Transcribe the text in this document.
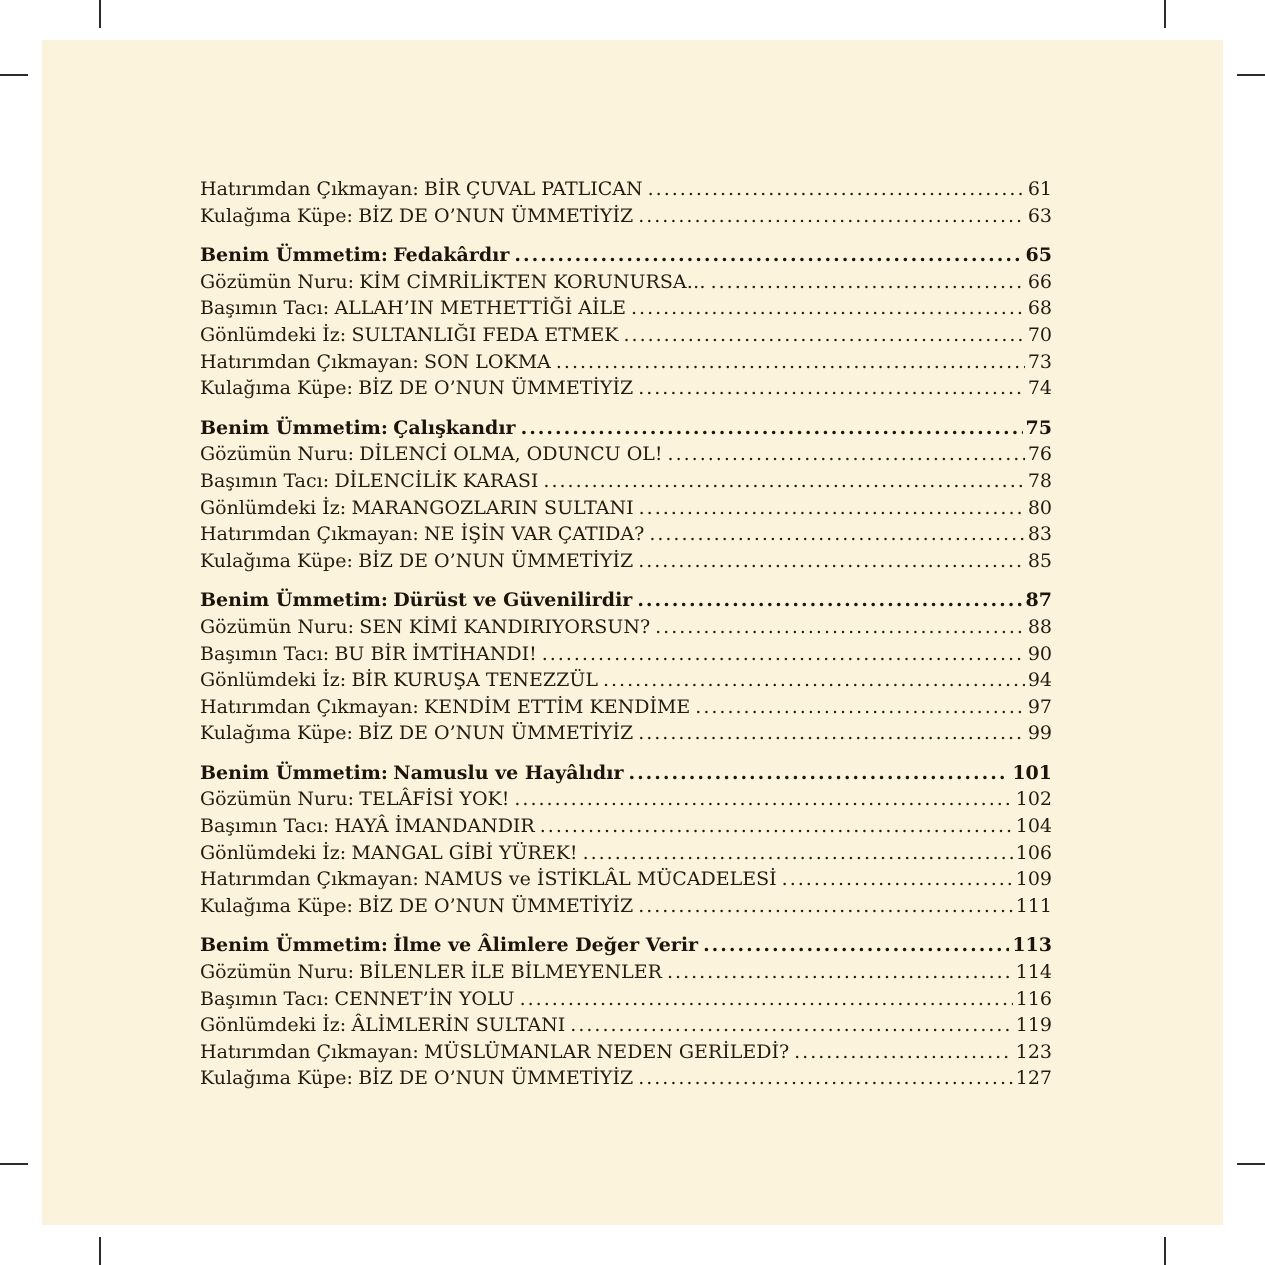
Hatırımdan Çıkmayan: BİR ÇUVAL PATLICAN .....	61
Kulağıma Küpe: BİZ DE O’NUN ÜMMETİYİZ .....	63
Benim Ümmetim: Fedakârdır .....	65
Gözümün Nuru: KİM CİMRİLİKTEN KORUNURSA… .....	66
Başımın Tacı: ALLAH’IN METHETTİĞİ AİLE .....	68
Gönlümdeki İz: SULTANLIĞI FEDA ETMEK .....	70
Hatırımdan Çıkmayan: SON LOKMA .....	73
Kulağıma Küpe: BİZ DE O’NUN ÜMMETİYİZ .....	74
Benim Ümmetim: Çalışkandır .....	75
Gözümün Nuru: DİLENCİ OLMA, ODUNCU OL! .....	76
Başımın Tacı: DİLENCİLİK KARASI .....	78
Gönlümdeki İz: MARANGOZLARIN SULTANI .....	80
Hatırımdan Çıkmayan: NE İŞİN VAR ÇATIDA? .....	83
Kulağıma Küpe: BİZ DE O’NUN ÜMMETİYİZ .....	85
Benim Ümmetim: Dürüst ve Güvenilirdir .....	87
Gözümün Nuru: SEN KİMİ KANDIRIYORSUN? .....	88
Başımın Tacı: BU BİR İMTİHANDI! .....	90
Gönlümdeki İz: BİR KURUŞA TENEZZÜL .....	94
Hatırımdan Çıkmayan: KENDİM ETTİM KENDİME .....	97
Kulağıma Küpe: BİZ DE O’NUN ÜMMETİYİZ .....	99
Benim Ümmetim: Namuslu ve Hayâlıdır .....	101
Gözümün Nuru: TELÂFİSİ YOK! .....	102
Başımın Tacı: HAYÂ İMANDANDIR .....	104
Gönlümdeki İz: MANGAL GİBİ YÜREK! .....	106
Hatırımdan Çıkmayan: NAMUS ve İSTİKLÂL MÜCADELESİ .....	109
Kulağıma Küpe: BİZ DE O’NUN ÜMMETİYİZ .....	111
Benim Ümmetim: İlme ve Âlimlere Değer Verir .....	113
Gözümün Nuru: BİLENLER İLE BİLMEYENLER .....	114
Başımın Tacı: CENNET’İN YOLU .....	116
Gönlümdeki İz: ÂLİMLERİN SULTANI .....	119
Hatırımdan Çıkmayan: MÜSLÜMANLAR NEDEN GERİLEDİ? .....	123
Kulağıma Küpe: BİZ DE O’NUN ÜMMETİYİZ .....	127
